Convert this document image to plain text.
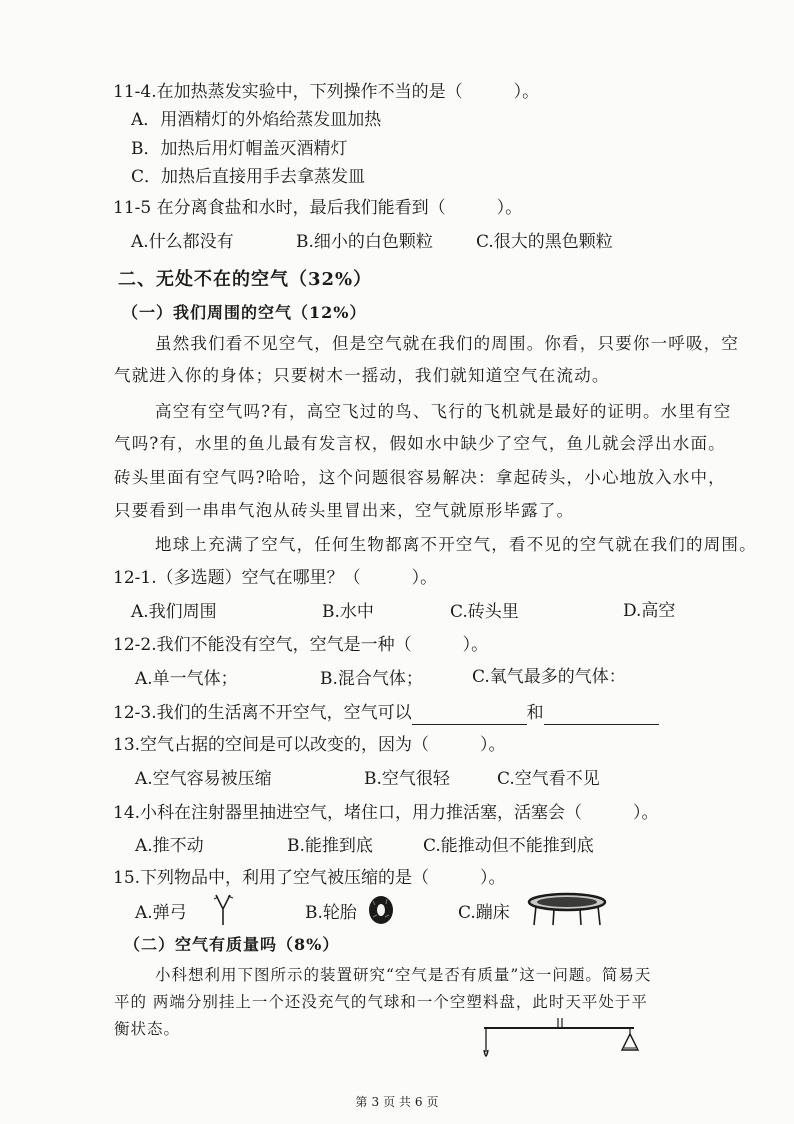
11-4.在加热蒸发实验中，下列操作不当的是（　　　）。
A．用酒精灯的外焰给蒸发皿加热
B．加热后用灯帽盖灭酒精灯
C．加热后直接用手去拿蒸发皿
11-5 在分离食盐和水时，最后我们能看到（　　　）。
A.什么都没有	B.细小的白色颗粒	C.很大的黑色颗粒
二、无处不在的空气（32%）
（一）我们周围的空气（12%）
虽然我们看不见空气，但是空气就在我们的周围。你看，只要你一呼吸，空
气就进入你的身体；只要树木一摇动，我们就知道空气在流动。
高空有空气吗?有，高空飞过的鸟、飞行的飞机就是最好的证明。水里有空
气吗?有，水里的鱼儿最有发言权，假如水中缺少了空气，鱼儿就会浮出水面。
砖头里面有空气吗?哈哈，这个问题很容易解决：拿起砖头，小心地放入水中，
只要看到一串串气泡从砖头里冒出来，空气就原形毕露了。
地球上充满了空气，任何生物都离不开空气，看不见的空气就在我们的周围。
12-1.（多选题）空气在哪里？（　　　）。
A.我们周围	B.水中	C.砖头里	D.高空
12-2.我们不能没有空气，空气是一种（　　　）。
A.单一气体；	B.混合气体；	C.氧气最多的气体：
12-3.我们的生活离不开空气，空气可以	和
13.空气占据的空间是可以改变的，因为（　　　）。
A.空气容易被压缩	B.空气很轻	C.空气看不见
14.小科在注射器里抽进空气，堵住口，用力推活塞，活塞会（　　　）。
A.推不动	B.能推到底	C.能推动但不能推到底
15.下列物品中，利用了空气被压缩的是（　　　）。
A.弹弓	B.轮胎	C.蹦床
（二）空气有质量吗（8%）
小科想利用下图所示的装置研究“空气是否有质量”这一问题。简易天
平的 两端分别挂上一个还没充气的气球和一个空塑料盘，此时天平处于平
衡状态。
第 3 页 共 6 页
